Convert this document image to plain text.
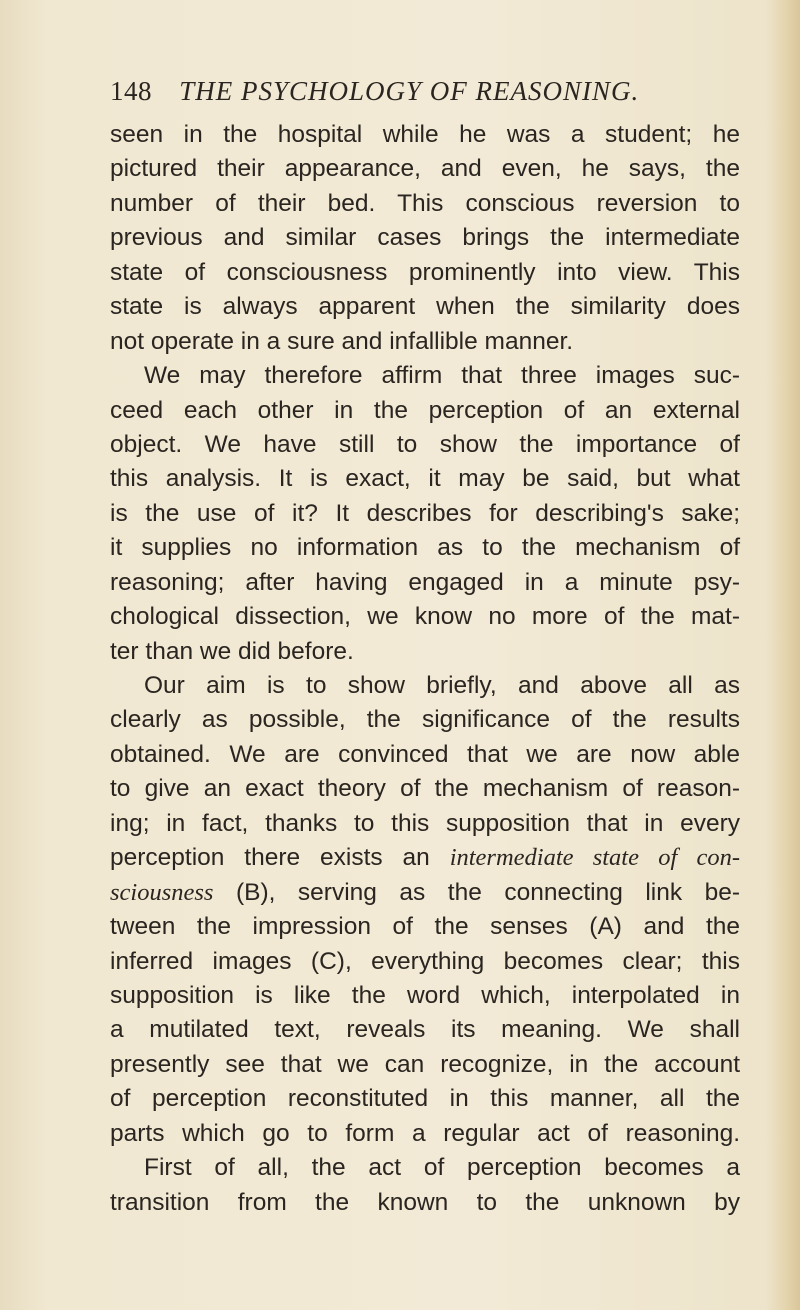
148 THE PSYCHOLOGY OF REASONING.
seen in the hospital while he was a student; he
pictured their appearance, and even, he says, the
number of their bed. This conscious reversion to
previous and similar cases brings the intermediate
state of consciousness prominently into view. This
state is always apparent when the similarity does
not operate in a sure and infallible manner.
We may therefore affirm that three images suc-
ceed each other in the perception of an external
object. We have still to show the importance of
this analysis. It is exact, it may be said, but what
is the use of it? It describes for describing's sake;
it supplies no information as to the mechanism of
reasoning; after having engaged in a minute psy-
chological dissection, we know no more of the mat-
ter than we did before.
Our aim is to show briefly, and above all as
clearly as possible, the significance of the results
obtained. We are convinced that we are now able
to give an exact theory of the mechanism of reason-
ing; in fact, thanks to this supposition that in every
perception there exists an intermediate state of con-
sciousness (B), serving as the connecting link be-
tween the impression of the senses (A) and the
inferred images (C), everything becomes clear; this
supposition is like the word which, interpolated in
a mutilated text, reveals its meaning. We shall
presently see that we can recognize, in the account
of perception reconstituted in this manner, all the
parts which go to form a regular act of reasoning.
First of all, the act of perception becomes a
transition from the known to the unknown by
